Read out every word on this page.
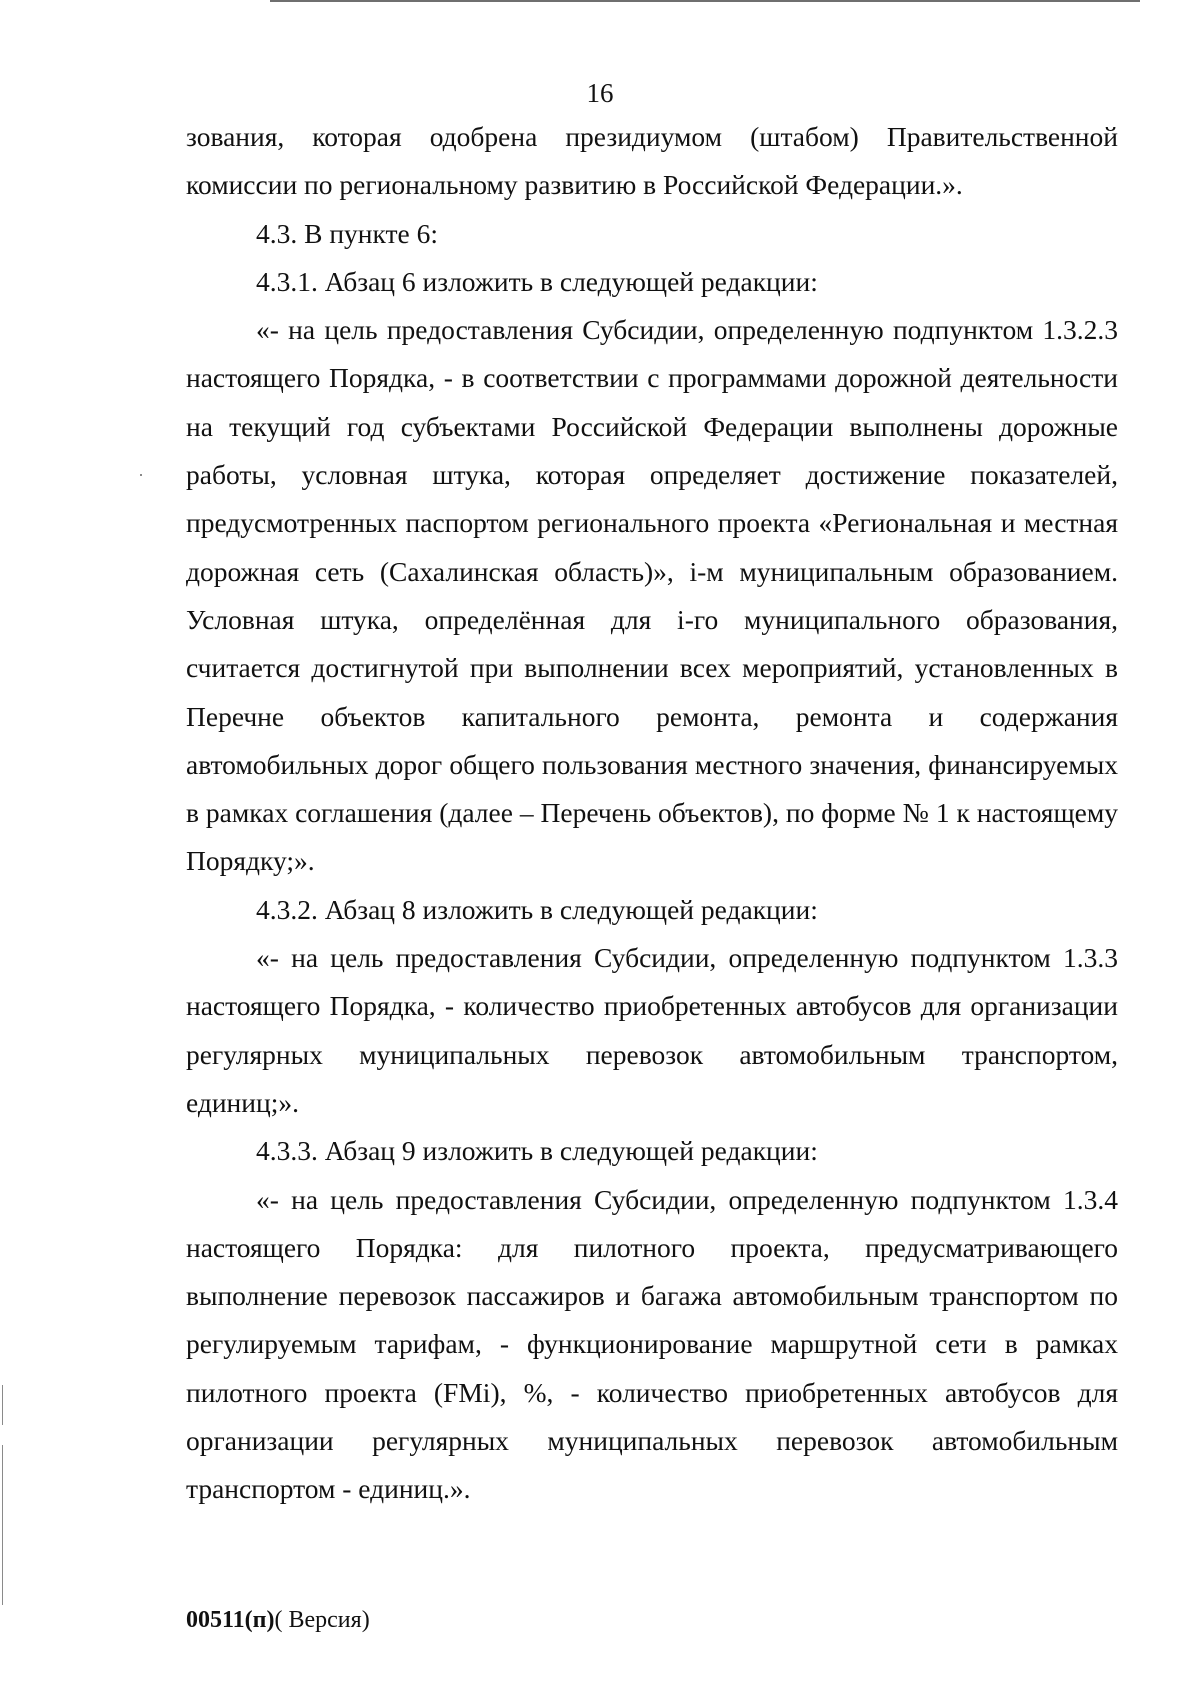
16

зования, которая одобрена президиумом (штабом) Правительственной комиссии по региональному развитию в Российской Федерации.».

4.3. В пункте 6:

4.3.1. Абзац 6 изложить в следующей редакции:

«- на цель предоставления Субсидии, определенную подпунктом 1.3.2.3 настоящего Порядка, - в соответствии с программами дорожной деятельности на текущий год субъектами Российской Федерации выполнены дорожные работы, условная штука, которая определяет достижение показателей, предусмотренных паспортом регионального проекта «Региональная и местная дорожная сеть (Сахалинская область)», i-м муниципальным образованием. Условная штука, определённая для i-го муниципального образования, считается достигнутой при выполнении всех мероприятий, установленных в Перечне объектов капитального ремонта, ремонта и содержания автомобильных дорог общего пользования местного значения, финансируемых в рамках соглашения (далее – Перечень объектов), по форме № 1 к настоящему Порядку;».

4.3.2. Абзац 8 изложить в следующей редакции:

«- на цель предоставления Субсидии, определенную подпунктом 1.3.3 настоящего Порядка, - количество приобретенных автобусов для организации регулярных муниципальных перевозок автомобильным транспортом, единиц;».

4.3.3. Абзац 9 изложить в следующей редакции:

«- на цель предоставления Субсидии, определенную подпунктом 1.3.4 настоящего Порядка: для пилотного проекта, предусматривающего выполнение перевозок пассажиров и багажа автомобильным транспортом по регулируемым тарифам, - функционирование маршрутной сети в рамках пилотного проекта (FMi), %, - количество приобретенных автобусов для организации регулярных муниципальных перевозок автомобильным транспортом - единиц.».

00511(п)( Версия)
